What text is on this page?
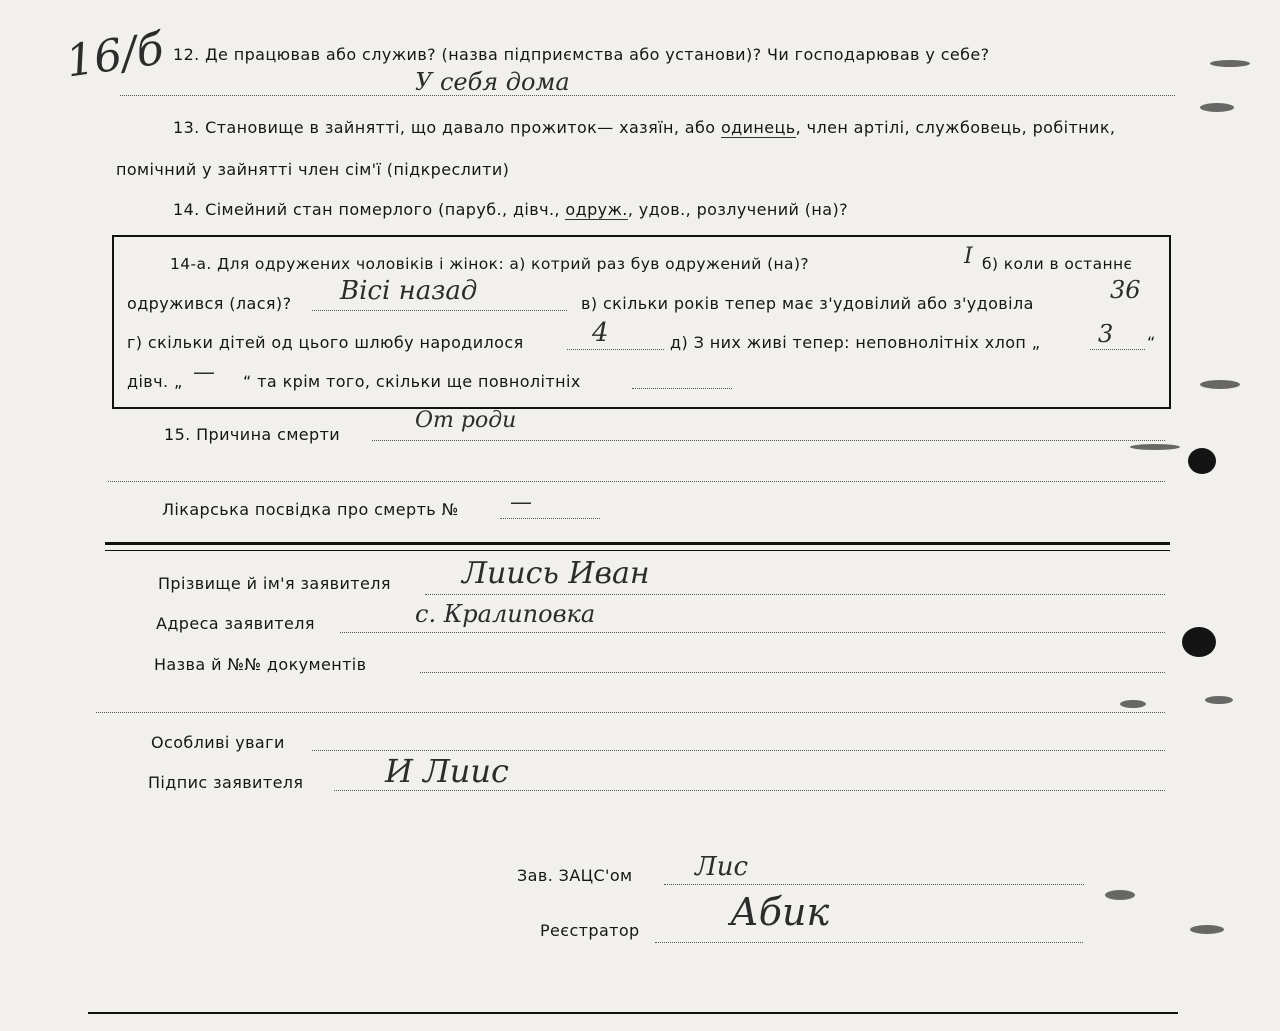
16/б 12. Де працював або служив? (назва підприємства або установи)? Чи господарював у себе?
У себя дома
13. Становище в зайнятті, що давало прожиток— хазяїн, або одинець, член артілі, службовець, робітник,
помічний у зайнятті член сім'ї (підкреслити)
14. Сімейний стан померлого (паруб., дівч., одруж., удов., розлучений (на)?
14-а. Для одружених чоловіків і жінок: а) котрий раз був одружений (на)?	I б) коли в останнє
одружився (лася)? Вiсi назад	в) скільки років тепер має з'удовілий або з'удовіла	36
г) скільки дітей од цього шлюбу народилося	4	д) З них живі тепер: неповнолітніх хлоп „ 3 “
дівч. „ — “ та крім того, скільки ще повнолітніх
15. Причина смерти
От роди
Лікарська посвідка про смерть № —
Прізвище й ім'я заявителя Лиись Иван
Адреса заявителя	с. Кралиповка
Назва й №№ документів
Особливі уваги
Підпис заявителя	И Лиис
Зав. ЗАЦС'ом Лис
Реєстратор Абик
